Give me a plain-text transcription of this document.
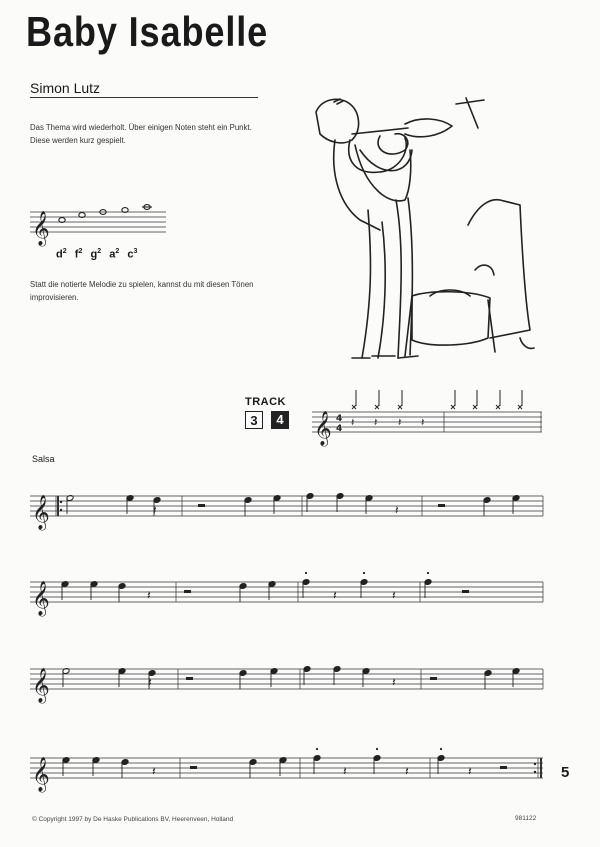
Baby Isabelle
Simon Lutz
Das Thema wird wiederholt. Über einigen Noten steht ein Punkt. Diese werden kurz gespielt.
$d^2$ $f^2$ $g^2$ $a^2$ $c^3$
Statt die notierte Melodie zu spielen, kannst du mit diesen Tönen improvisieren.
TRACK
3	4
Salsa
5
© Copyright 1997 by De Haske Publications BV, Heerenveen, Holland	981122
𝄞
𝄞 4
4 𝄽 𝄽 𝄽 𝄽
𝄞
𝄞
𝄞
𝄞
𝄽	𝄽
𝄽	𝄽	𝄽
𝄽	𝄽
𝄽	𝄽	𝄽	𝄽
